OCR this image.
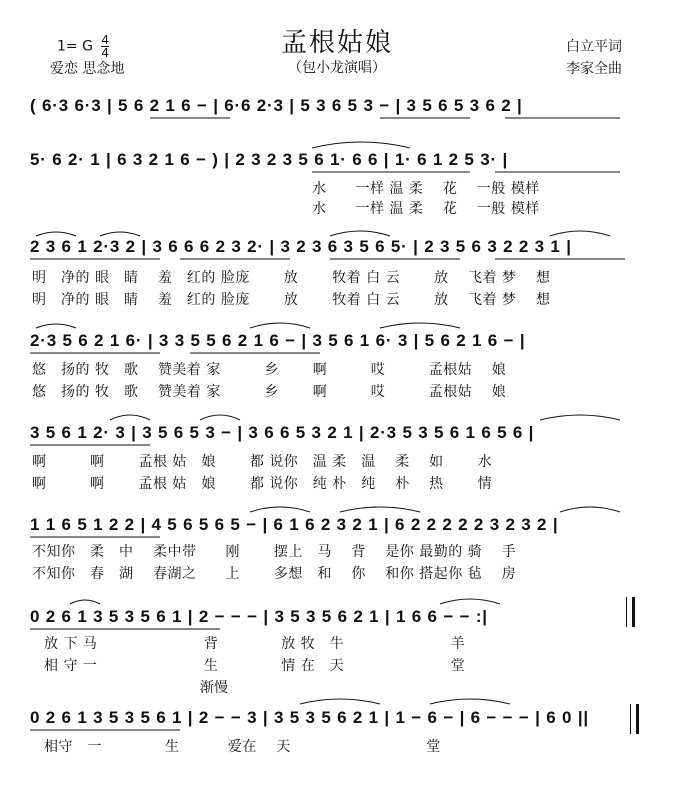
孟根姑娘
（包小龙演唱）
1= G $\frac{4}{4}$
爱恋 思念地
白立平词
李家全曲
( 6·3 6·3 | 5 6 2 1 6 − | 6·6 2·3 | 5 3 6 5 3 − | 3 5 6 5 3 6 2 |
5· 6 2· 1 | 6 3 2 1 6 − ) | 2 3 2 3 5 6 1· 6 6 | 1· 6 1 2 5 3· |
水　　一样 温 柔　 花　 一般 模样
水　　一样 温 柔　 花　 一般 模样
2 3 6 1 2·3 2 | 3 6 6 6 2 3 2· | 3 2 3 6 3 5 6 5· | 2 3 5 6 3 2 2 3 1 |
明　净的 眼　睛　 羞　红的 脸庞　　 放　　 牧着 白 云　　 放 　飞着 梦　 想
明　净的 眼　睛　 羞　红的 脸庞　　 放　　 牧着 白 云　　 放 　飞着 梦　 想
2·3 5 6 2 1 6· | 3 3 5 5 6 2 1 6 − | 3 5 6 1 6· 3 | 5 6 2 1 6 − |
悠　扬的 牧　歌　 赞美着 家　　　乡　　 啊　　　哎　　　孟根姑　 娘
悠　扬的 牧　歌　 赞美着 家　　　乡　　 啊　　　哎　　　孟根姑　 娘
3 5 6 1 2· 3 | 3 5 6 5 3 − | 3 6 6 5 3 2 1 | 2·3 5 3 5 6 1 6 5 6 |
啊　　　啊　　 孟根 姑　娘　　 都 说你　温 柔　温　 柔　 如　　 水
啊　　　啊　　 孟根 姑　娘　　 都 说你　纯 朴　纯　 朴　 热　　 情
1 1 6 5 1 2 2 | 4 5 6 5 6 5 − | 6 1 6 2 3 2 1 | 6 2 2 2 2 2 3 2 3 2 |
不知你　柔　中　 柔中带　　刚　　 摆上　马　 背　 是你 最勤的 骑　 手
不知你　春　湖　 春湖之　　上　　 多想　和　 你　 和你 搭起你 毡　 房
0 2 6 1 3 5 3 5 6 1 | 2 − − − | 3 5 3 5 6 2 1 | 1 6 6 − − :|
放 下 马　　　　　　　 背　　　　 放 牧　牛　　　　　　　 羊
相 守 一　　　　　　　 生　　　　 情 在　天　　　　　　　 堂
渐慢
0 2 6 1 3 5 3 5 6 1 | 2 − − 3 | 3 5 3 5 6 2 1 | 1 − 6 − | 6 − − − | 6 0 ||
相守　一　　　　 生　　　 爱在　 天　　　　　　　　　 堂
